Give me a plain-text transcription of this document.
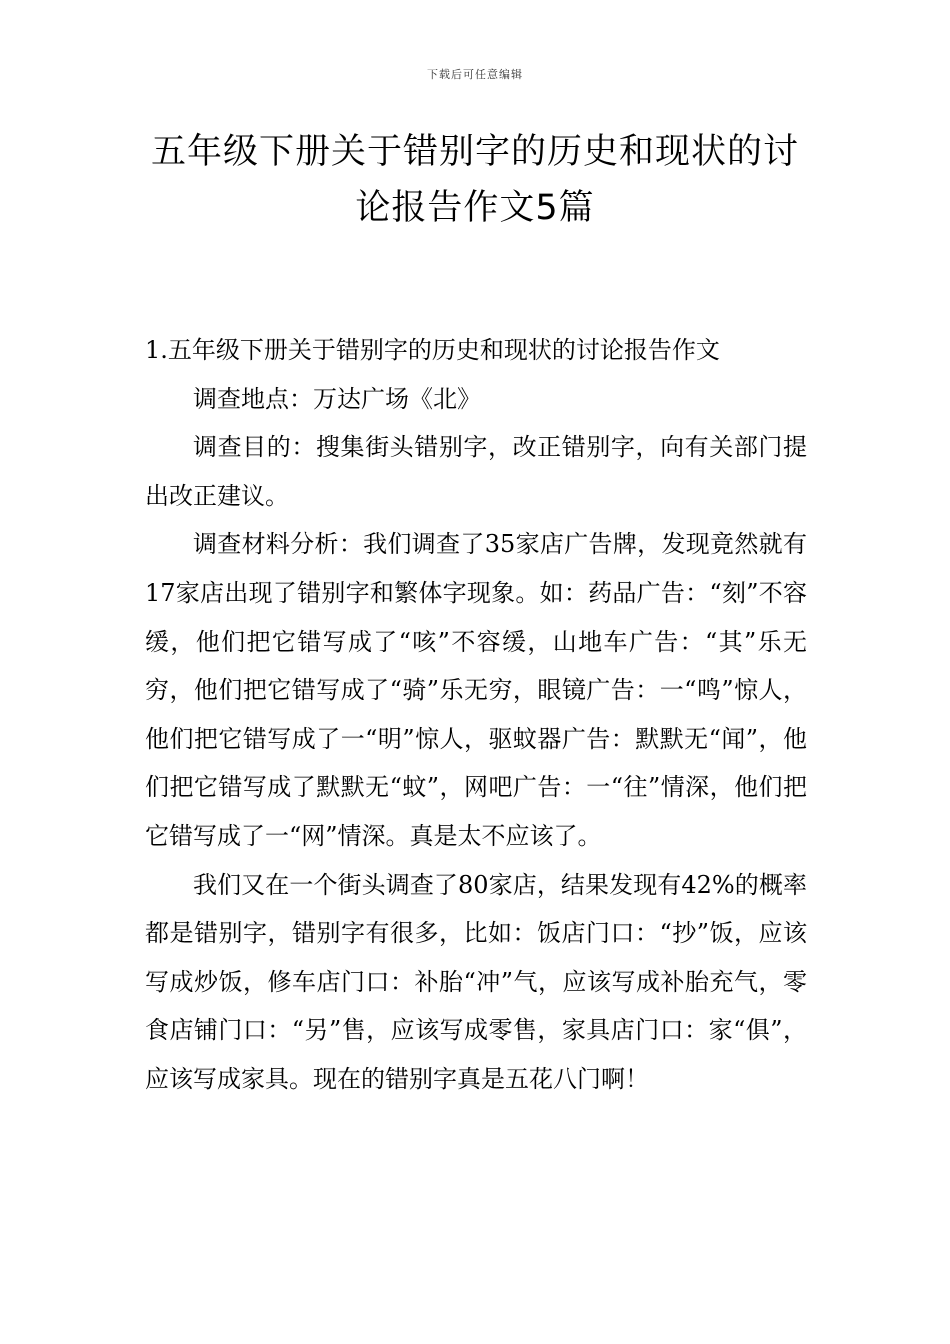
下载后可任意编辑
五年级下册关于错别字的历史和现状的讨
论报告作文5篇

1.五年级下册关于错别字的历史和现状的讨论报告作文

调查地点：万达广场《北》

调查目的：搜集街头错别字，改正错别字，向有关部门提出改正建议。

调查材料分析：我们调查了35家店广告牌，发现竟然就有17家店出现了错别字和繁体字现象。如：药品广告：“刻”不容缓，他们把它错写成了“咳”不容缓，山地车广告：“其”乐无穷，他们把它错写成了“骑”乐无穷，眼镜广告：一“鸣”惊人，他们把它错写成了一“明”惊人，驱蚊器广告：默默无“闻”，他们把它错写成了默默无“蚊”，网吧广告：一“往”情深，他们把它错写成了一“网”情深。真是太不应该了。

我们又在一个街头调查了80家店，结果发现有42%的概率都是错别字，错别字有很多，比如：饭店门口：“抄”饭，应该写成炒饭，修车店门口：补胎“冲”气，应该写成补胎充气，零食店铺门口：“另”售，应该写成零售，家具店门口：家“俱”，应该写成家具。现在的错别字真是五花八门啊！
